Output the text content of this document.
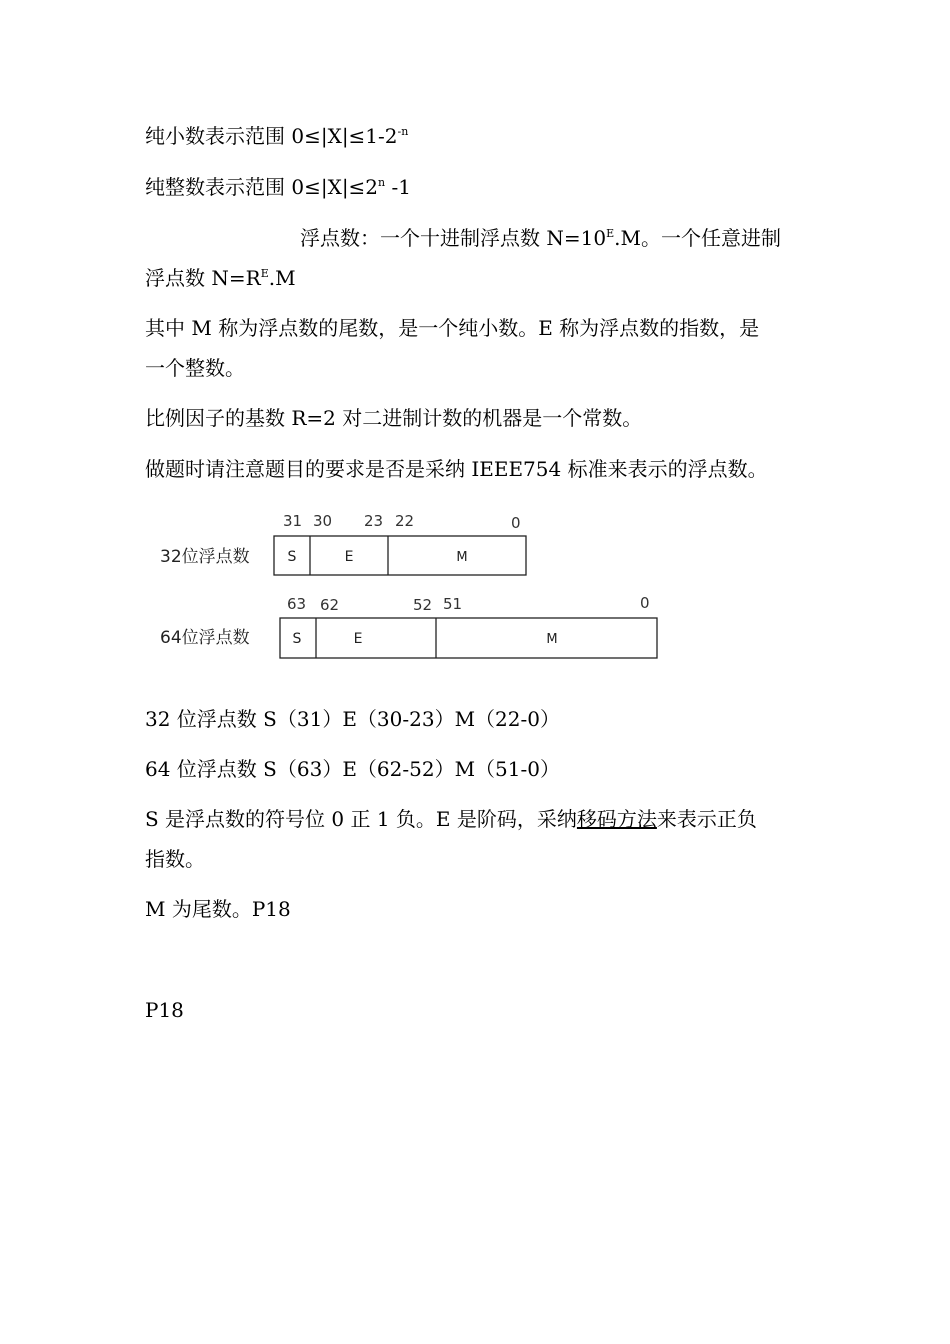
纯小数表示范围 $0\le|X|\le 1-2^{-n}$
纯整数表示范围 $0\le|X|\le 2^n$ -1
浮点数：一个十进制浮点数 $N=10^E.M$。一个任意进制
浮点数 $N=R^E.M$
其中 M 称为浮点数的尾数，是一个纯小数。E 称为浮点数的指数，是
一个整数。
比例因子的基数 R=2 对二进制计数的机器是一个常数。
做题时请注意题目的要求是否是采纳 IEEE754 标准来表示的浮点数。
32位浮点数
31 30 23 22	0
S	E	M
64位浮点数
63 62	52 51	0
S	E	M
32 位浮点数 S（31）E（30-23）M（22-0）
64 位浮点数 S（63）E（62-52）M（51-0）
S 是浮点数的符号位 0 正 1 负。E 是阶码，采纳移码方法来表示正负
指数。
M 为尾数。P18
P18
